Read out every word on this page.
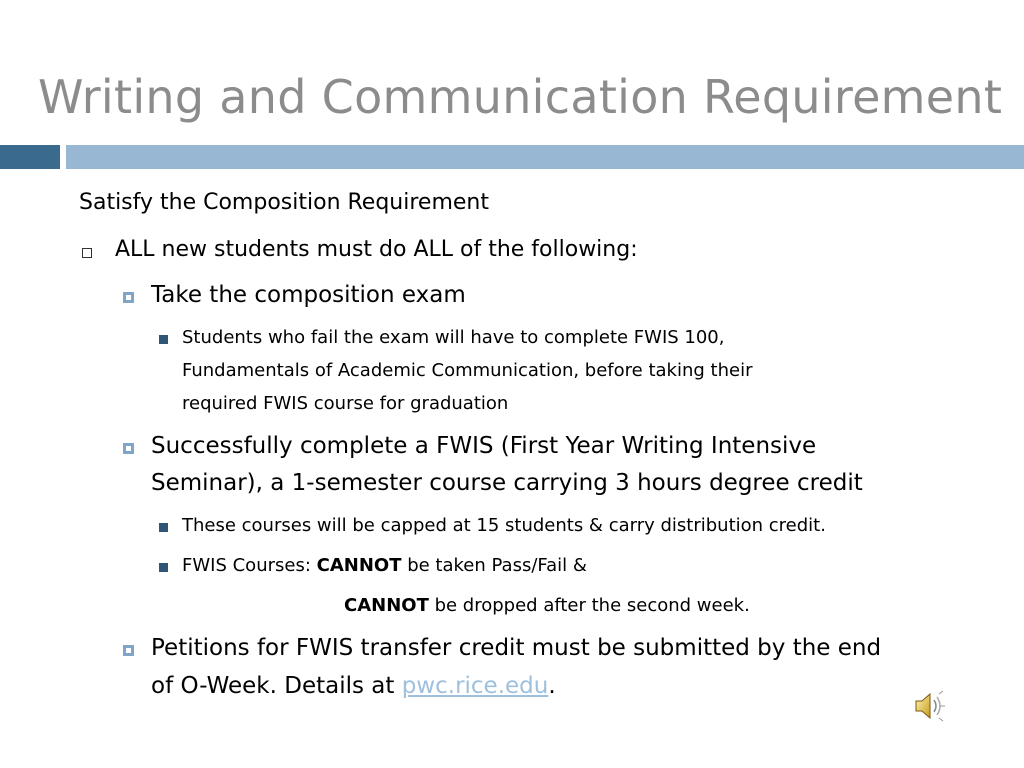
Writing and Communication Requirement
Satisfy the Composition Requirement
ALL new students must do ALL of the following:
Take the composition exam
Students who fail the exam will have to complete FWIS 100,
Fundamentals of Academic Communication, before taking their
required FWIS course for graduation
Successfully complete a FWIS (First Year Writing Intensive
Seminar), a 1-semester course carrying 3 hours degree credit
These courses will be capped at 15 students & carry distribution credit.
FWIS Courses: CANNOT be taken Pass/Fail &
CANNOT be dropped after the second week.
Petitions for FWIS transfer credit must be submitted by the end
of O-Week. Details at pwc.rice.edu.
